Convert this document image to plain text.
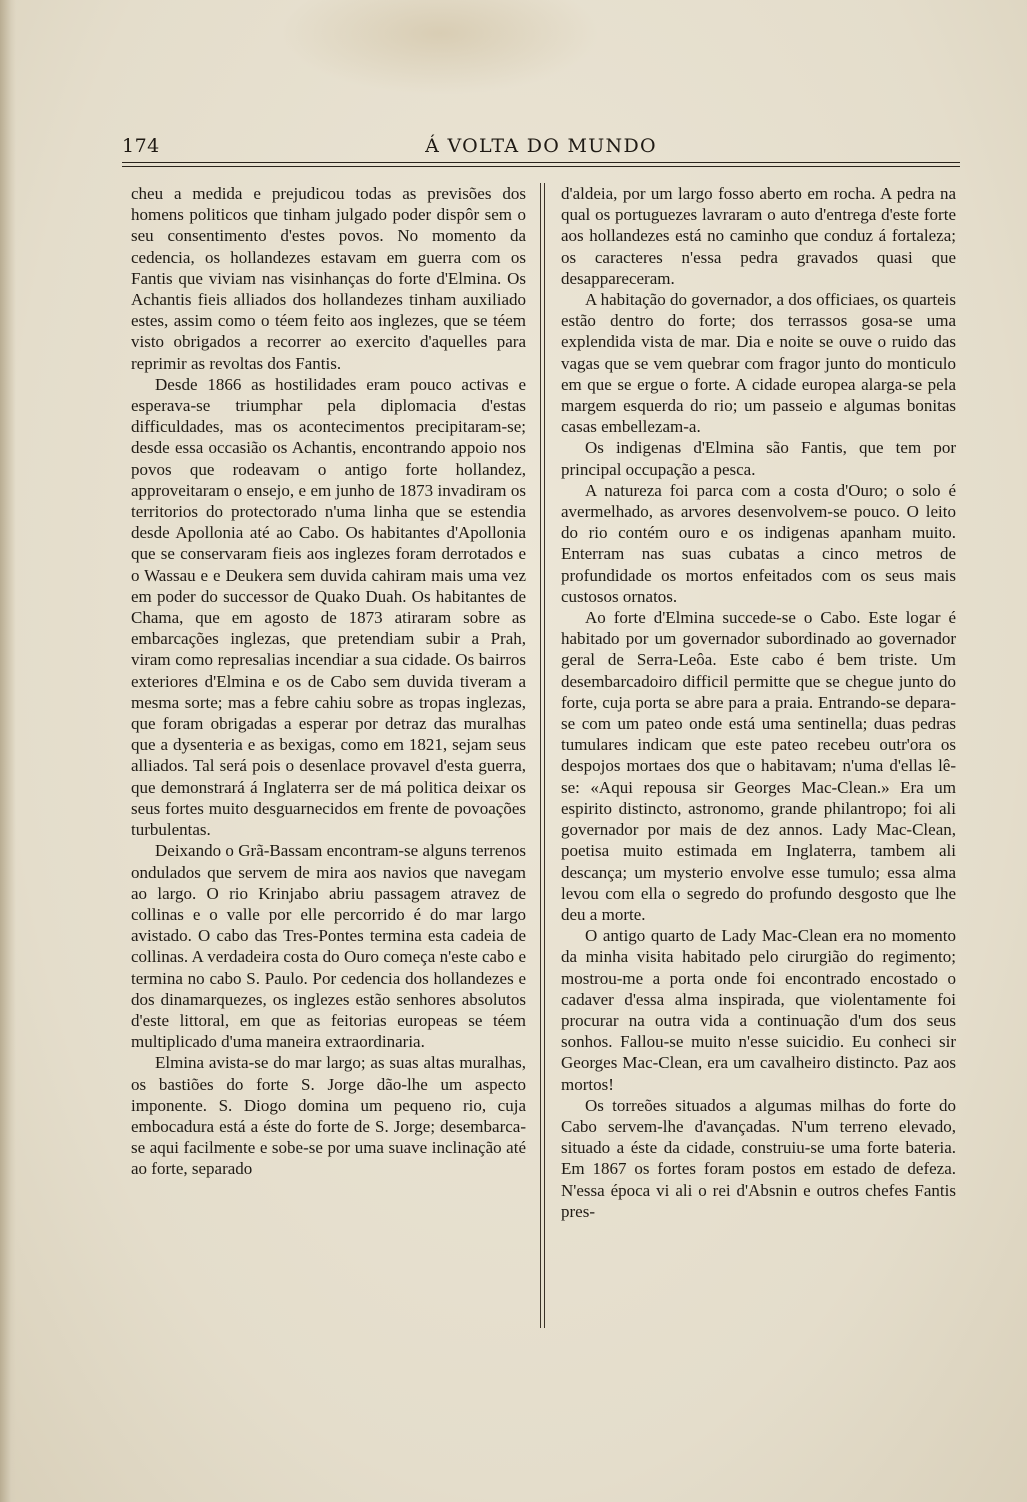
174	Á VOLTA DO MUNDO

cheu a medida e prejudicou todas as previsões dos homens politicos que tinham julgado poder dispôr sem o seu consentimento d'estes povos. No momento da cedencia, os hollandezes estavam em guerra com os Fantis que viviam nas visinhanças do forte d'Elmina. Os Achantis fieis alliados dos hollandezes tinham auxiliado estes, assim como o téem feito aos inglezes, que se téem visto obrigados a recorrer ao exercito d'aquelles para reprimir as revoltas dos Fantis.

Desde 1866 as hostilidades eram pouco activas e esperava-se triumphar pela diplomacia d'estas difficuldades, mas os acontecimentos precipitaram-se; desde essa occasião os Achantis, encontrando appoio nos povos que rodeavam o antigo forte hollandez, approveitaram o ensejo, e em junho de 1873 invadiram os territorios do protectorado n'uma linha que se estendia desde Apollonia até ao Cabo. Os habitantes d'Apollonia que se conservaram fieis aos inglezes foram derrotados e o Wassau e e Deukera sem duvida cahiram mais uma vez em poder do successor de Quako Duah. Os habitantes de Chama, que em agosto de 1873 atiraram sobre as embarcações inglezas, que pretendiam subir a Prah, viram como represalias incendiar a sua cidade. Os bairros exteriores d'Elmina e os de Cabo sem duvida tiveram a mesma sorte; mas a febre cahiu sobre as tropas inglezas, que foram obrigadas a esperar por detraz das muralhas que a dysenteria e as bexigas, como em 1821, sejam seus alliados. Tal será pois o desenlace provavel d'esta guerra, que demonstrará á Inglaterra ser de má politica deixar os seus fortes muito desguarnecidos em frente de povoações turbulentas.

Deixando o Grã-Bassam encontram-se alguns terrenos ondulados que servem de mira aos navios que navegam ao largo. O rio Krinjabo abriu passagem atravez de collinas e o valle por elle percorrido é do mar largo avistado. O cabo das Tres-Pontes termina esta cadeia de collinas. A verdadeira costa do Ouro começa n'este cabo e termina no cabo S. Paulo. Por cedencia dos hollandezes e dos dinamarquezes, os inglezes estão senhores absolutos d'este littoral, em que as feitorias europeas se téem multiplicado d'uma maneira extraordinaria.

Elmina avista-se do mar largo; as suas altas muralhas, os bastiões do forte S. Jorge dão-lhe um aspecto imponente. S. Diogo domina um pequeno rio, cuja embocadura está a éste do forte de S. Jorge; desembarca-se aqui facilmente e sobe-se por uma suave inclinação até ao forte, separado

d'aldeia, por um largo fosso aberto em rocha. A pedra na qual os portuguezes lavraram o auto d'entrega d'este forte aos hollandezes está no caminho que conduz á fortaleza; os caracteres n'essa pedra gravados quasi que desappareceram.

A habitação do governador, a dos officiaes, os quarteis estão dentro do forte; dos terrassos gosa-se uma explendida vista de mar. Dia e noite se ouve o ruido das vagas que se vem quebrar com fragor junto do monticulo em que se ergue o forte. A cidade europea alarga-se pela margem esquerda do rio; um passeio e algumas bonitas casas embellezam-a.

Os indigenas d'Elmina são Fantis, que tem por principal occupação a pesca.

A natureza foi parca com a costa d'Ouro; o solo é avermelhado, as arvores desenvolvem-se pouco. O leito do rio contém ouro e os indigenas apanham muito. Enterram nas suas cubatas a cinco metros de profundidade os mortos enfeitados com os seus mais custosos ornatos.

Ao forte d'Elmina succede-se o Cabo. Este logar é habitado por um governador subordinado ao governador geral de Serra-Leôa. Este cabo é bem triste. Um desembarcadoiro difficil permitte que se chegue junto do forte, cuja porta se abre para a praia. Entrando-se depara-se com um pateo onde está uma sentinella; duas pedras tumulares indicam que este pateo recebeu outr'ora os despojos mortaes dos que o habitavam; n'uma d'ellas lê-se: «Aqui repousa sir Georges Mac-Clean.» Era um espirito distincto, astronomo, grande philantropo; foi ali governador por mais de dez annos. Lady Mac-Clean, poetisa muito estimada em Inglaterra, tambem ali descança; um mysterio envolve esse tumulo; essa alma levou com ella o segredo do profundo desgosto que lhe deu a morte.

O antigo quarto de Lady Mac-Clean era no momento da minha visita habitado pelo cirurgião do regimento; mostrou-me a porta onde foi encontrado encostado o cadaver d'essa alma inspirada, que violentamente foi procurar na outra vida a continuação d'um dos seus sonhos. Fallou-se muito n'esse suicidio. Eu conheci sir Georges Mac-Clean, era um cavalheiro distincto. Paz aos mortos!

Os torreões situados a algumas milhas do forte do Cabo servem-lhe d'avançadas. N'um terreno elevado, situado a éste da cidade, construiu-se uma forte bateria. Em 1867 os fortes foram postos em estado de defeza. N'essa época vi ali o rei d'Absnin e outros chefes Fantis pres-
